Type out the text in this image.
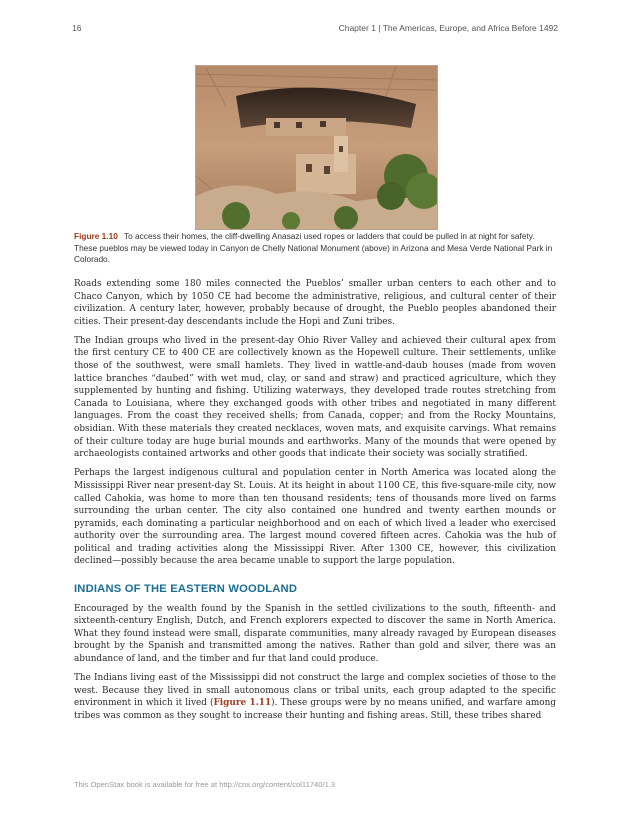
16	Chapter 1 | The Americas, Europe, and Africa Before 1492
Figure 1.10 To access their homes, the cliff-dwelling Anasazi used ropes or ladders that could be pulled in at night for safety. These pueblos may be viewed today in Canyon de Chelly National Monument (above) in Arizona and Mesa Verde National Park in Colorado.

Roads extending some 180 miles connected the Pueblos’ smaller urban centers to each other and to Chaco Canyon, which by 1050 CE had become the administrative, religious, and cultural center of their civilization. A century later, however, probably because of drought, the Pueblo peoples abandoned their cities. Their present-day descendants include the Hopi and Zuni tribes.

The Indian groups who lived in the present-day Ohio River Valley and achieved their cultural apex from the first century CE to 400 CE are collectively known as the Hopewell culture. Their settlements, unlike those of the southwest, were small hamlets. They lived in wattle-and-daub houses (made from woven lattice branches “daubed” with wet mud, clay, or sand and straw) and practiced agriculture, which they supplemented by hunting and fishing. Utilizing waterways, they developed trade routes stretching from Canada to Louisiana, where they exchanged goods with other tribes and negotiated in many different languages. From the coast they received shells; from Canada, copper; and from the Rocky Mountains, obsidian. With these materials they created necklaces, woven mats, and exquisite carvings. What remains of their culture today are huge burial mounds and earthworks. Many of the mounds that were opened by archaeologists contained artworks and other goods that indicate their society was socially stratified.

Perhaps the largest indigenous cultural and population center in North America was located along the Mississippi River near present-day St. Louis. At its height in about 1100 CE, this five-square-mile city, now called Cahokia, was home to more than ten thousand residents; tens of thousands more lived on farms surrounding the urban center. The city also contained one hundred and twenty earthen mounds or pyramids, each dominating a particular neighborhood and on each of which lived a leader who exercised authority over the surrounding area. The largest mound covered fifteen acres. Cahokia was the hub of political and trading activities along the Mississippi River. After 1300 CE, however, this civilization declined—possibly because the area became unable to support the large population.

INDIANS OF THE EASTERN WOODLAND

Encouraged by the wealth found by the Spanish in the settled civilizations to the south, fifteenth- and sixteenth-century English, Dutch, and French explorers expected to discover the same in North America. What they found instead were small, disparate communities, many already ravaged by European diseases brought by the Spanish and transmitted among the natives. Rather than gold and silver, there was an abundance of land, and the timber and fur that land could produce.

The Indians living east of the Mississippi did not construct the large and complex societies of those to the west. Because they lived in small autonomous clans or tribal units, each group adapted to the specific environment in which it lived (Figure 1.11). These groups were by no means unified, and warfare among tribes was common as they sought to increase their hunting and fishing areas. Still, these tribes shared

This OpenStax book is available for free at http://cnx.org/content/col11740/1.3
